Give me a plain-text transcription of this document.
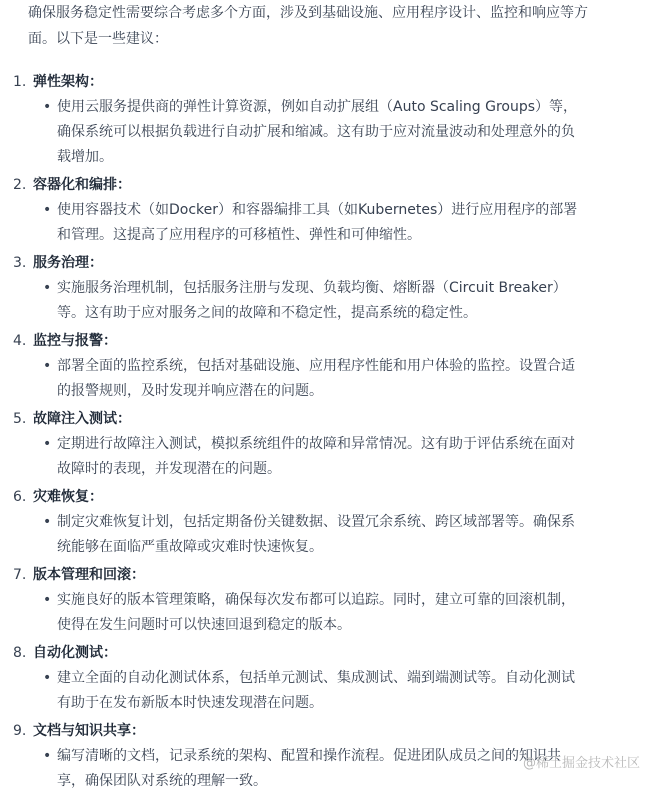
确保服务稳定性需要综合考虑多个方面，涉及到基础设施、应用程序设计、监控和响应等方面。以下是一些建议：

1. 弹性架构：
• 使用云服务提供商的弹性计算资源，例如自动扩展组（Auto Scaling Groups）等，确保系统可以根据负载进行自动扩展和缩减。这有助于应对流量波动和处理意外的负载增加。
2. 容器化和编排：
• 使用容器技术（如Docker）和容器编排工具（如Kubernetes）进行应用程序的部署和管理。这提高了应用程序的可移植性、弹性和可伸缩性。
3. 服务治理：
• 实施服务治理机制，包括服务注册与发现、负载均衡、熔断器（Circuit Breaker）等。这有助于应对服务之间的故障和不稳定性，提高系统的稳定性。
4. 监控与报警：
• 部署全面的监控系统，包括对基础设施、应用程序性能和用户体验的监控。设置合适的报警规则，及时发现并响应潜在的问题。
5. 故障注入测试：
• 定期进行故障注入测试，模拟系统组件的故障和异常情况。这有助于评估系统在面对故障时的表现，并发现潜在的问题。
6. 灾难恢复：
• 制定灾难恢复计划，包括定期备份关键数据、设置冗余系统、跨区域部署等。确保系统能够在面临严重故障或灾难时快速恢复。
7. 版本管理和回滚：
• 实施良好的版本管理策略，确保每次发布都可以追踪。同时，建立可靠的回滚机制，使得在发生问题时可以快速回退到稳定的版本。
8. 自动化测试：
• 建立全面的自动化测试体系，包括单元测试、集成测试、端到端测试等。自动化测试有助于在发布新版本时快速发现潜在问题。
9. 文档与知识共享：
• 编写清晰的文档，记录系统的架构、配置和操作流程。促进团队成员之间的知识共享，确保团队对系统的理解一致。
@稀土掘金技术社区
